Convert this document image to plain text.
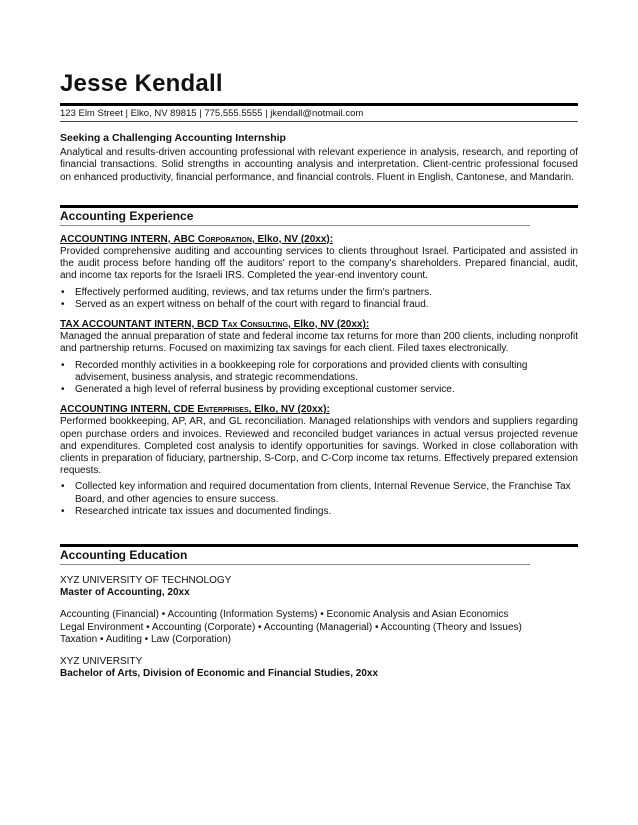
Jesse Kendall
123 Elm Street | Elko, NV 89815 | 775.555.5555 | jkendall@notmail.com
Seeking a Challenging Accounting Internship
Analytical and results-driven accounting professional with relevant experience in analysis, research, and reporting of financial transactions. Solid strengths in accounting analysis and interpretation. Client-centric professional focused on enhanced productivity, financial performance, and financial controls. Fluent in English, Cantonese, and Mandarin.
Accounting Experience
ACCOUNTING INTERN, ABC Corporation, Elko, NV (20xx):
Provided comprehensive auditing and accounting services to clients throughout Israel. Participated and assisted in the audit process before handing off the auditors' report to the company's shareholders. Prepared financial, audit, and income tax reports for the Israeli IRS. Completed the year-end inventory count.
• Effectively performed auditing, reviews, and tax returns under the firm's partners.
• Served as an expert witness on behalf of the court with regard to financial fraud.
TAX ACCOUNTANT INTERN, BCD Tax Consulting, Elko, NV (20xx):
Managed the annual preparation of state and federal income tax returns for more than 200 clients, including nonprofit and partnership returns. Focused on maximizing tax savings for each client. Filed taxes electronically.
• Recorded monthly activities in a bookkeeping role for corporations and provided clients with consulting advisement, business analysis, and strategic recommendations.
• Generated a high level of referral business by providing exceptional customer service.
ACCOUNTING INTERN, CDE Enterprises, Elko, NV (20xx):
Performed bookkeeping, AP, AR, and GL reconciliation. Managed relationships with vendors and suppliers regarding open purchase orders and invoices. Reviewed and reconciled budget variances in actual versus projected revenue and expenditures. Completed cost analysis to identify opportunities for savings. Worked in close collaboration with clients in preparation of fiduciary, partnership, S-Corp, and C-Corp income tax returns. Effectively prepared extension requests.
• Collected key information and required documentation from clients, Internal Revenue Service, the Franchise Tax Board, and other agencies to ensure success.
• Researched intricate tax issues and documented findings.
Accounting Education
XYZ UNIVERSITY OF TECHNOLOGY
Master of Accounting, 20xx
Accounting (Financial) • Accounting (Information Systems) • Economic Analysis and Asian Economics
Legal Environment • Accounting (Corporate) • Accounting (Managerial) • Accounting (Theory and Issues)
Taxation • Auditing • Law (Corporation)
XYZ UNIVERSITY
Bachelor of Arts, Division of Economic and Financial Studies, 20xx
